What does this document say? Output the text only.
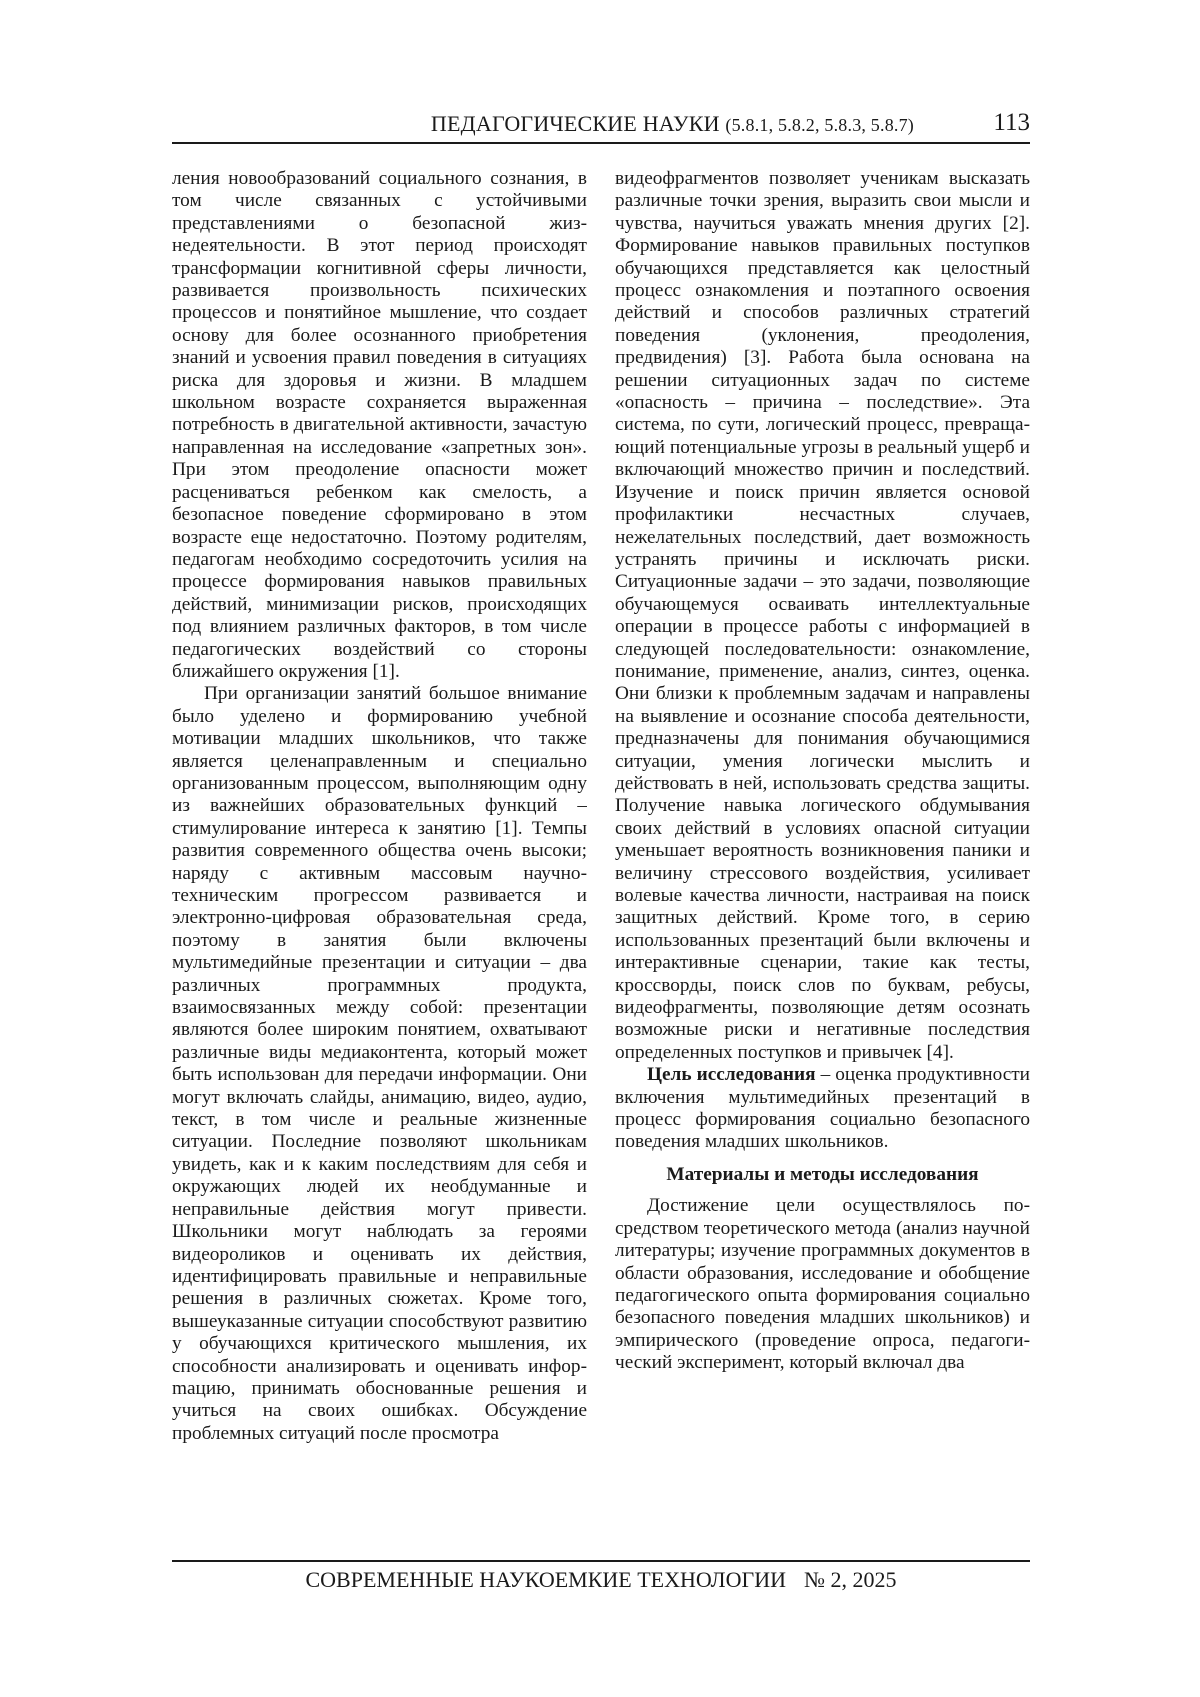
ПЕДАГОГИЧЕСКИЕ НАУКИ (5.8.1, 5.8.2, 5.8.3, 5.8.7)	113

ления новообразований социального сознания, в том числе связанных с устойчивыми представлениями о безопасной жизнедеятельности. В этот период происходят трансформации когнитивной сферы личности, развивается произвольность психических процессов и понятийное мышление, что создает основу для более осознанного приобретения знаний и усвоения правил поведения в ситуациях риска для здоровья и жизни. В младшем школьном возрасте сохраняется выраженная потребность в двигательной активности, зачастую направленная на исследование «запретных зон». При этом преодоление опасности может расцениваться ребенком как смелость, а безопасное поведение сформировано в этом возрасте еще недостаточно. Поэтому родителям, педагогам необходимо сосредоточить усилия на процессе формирования навыков правильных действий, минимизации рисков, происходящих под влиянием различных факторов, в том числе педагогических воздействий со стороны ближайшего окружения [1].

При организации занятий большое внимание было уделено и формированию учебной мотивации младших школьников, что также является целенаправленным и специально организованным процессом, выполняющим одну из важнейших образовательных функций – стимулирование интереса к занятию [1]. Темпы развития современного общества очень высоки; наряду с активным массовым научно-техническим прогрессом развивается и электронно-цифровая образовательная среда, поэтому в занятия были включены мультимедийные презентации и ситуации – два различных программных продукта, взаимосвязанных между собой: презентации являются более широким понятием, охватывают различные виды медиаконтента, который может быть использован для передачи информации. Они могут включать слайды, анимацию, видео, аудио, текст, в том числе и реальные жизненные ситуации. Последние позволяют школьникам увидеть, как и к каким последствиям для себя и окружающих людей их необдуманные и неправильные действия могут привести. Школьники могут наблюдать за героями видеороликов и оценивать их действия, идентифицировать правильные и неправильные решения в различных сюжетах. Кроме того, вышеуказанные ситуации способствуют развитию у обучающихся критического мышления, их способности анализировать и оценивать инфорmацию, принимать обоснованные решения и учиться на своих ошибках. Обсуждение проблемных ситуаций после просмотра

видеофрагментов позволяет ученикам высказать различные точки зрения, выразить свои мысли и чувства, научиться уважать мнения других [2]. Формирование навыков правильных поступков обучающихся представляется как целостный процесс ознакомления и поэтапного освоения действий и способов различных стратегий поведения (уклонения, преодоления, предвидения) [3]. Работа была основана на решении ситуационных задач по системе «опасность – причина – последствие». Эта система, по сути, логический процесс, превращающий потенциальные угрозы в реальный ущерб и включающий множество причин и последствий. Изучение и поиск причин является основой профилактики несчастных случаев, нежелательных последствий, дает возможность устранять причины и исключать риски. Ситуационные задачи – это задачи, позволяющие обучающемуся осваивать интеллектуальные операции в процессе работы с информацией в следующей последовательности: ознакомление, понимание, применение, анализ, синтез, оценка. Они близки к проблемным задачам и направлены на выявление и осознание способа деятельности, предназначены для понимания обучающимися ситуации, умения логически мыслить и действовать в ней, использовать средства защиты. Получение навыка логического обдумывания своих действий в условиях опасной ситуации уменьшает вероятность возникновения паники и величину стрессового воздействия, усиливает волевые качества личности, настраивая на поиск защитных действий. Кроме того, в серию использованных презентаций были включены и интерактивные сценарии, такие как тесты, кроссворды, поиск слов по буквам, ребусы, видеофрагменты, позволяющие детям осознать возможные риски и негативные последствия определенных поступков и привычек [4].

Цель исследования – оценка продуктивности включения мультимедийных презентаций в процесс формирования социально безопасного поведения младших школьников.

Материалы и методы исследования

Достижение цели осуществлялось посредством теоретического метода (анализ научной литературы; изучение программных документов в области образования, исследование и обобщение педагогического опыта формирования социально безопасного поведения младших школьников) и эмпирического (проведение опроса, педагогический эксперимент, который включал два

СОВРЕМЕННЫЕ НАУКОЕМКИЕ ТЕХНОЛОГИИ № 2, 2025
